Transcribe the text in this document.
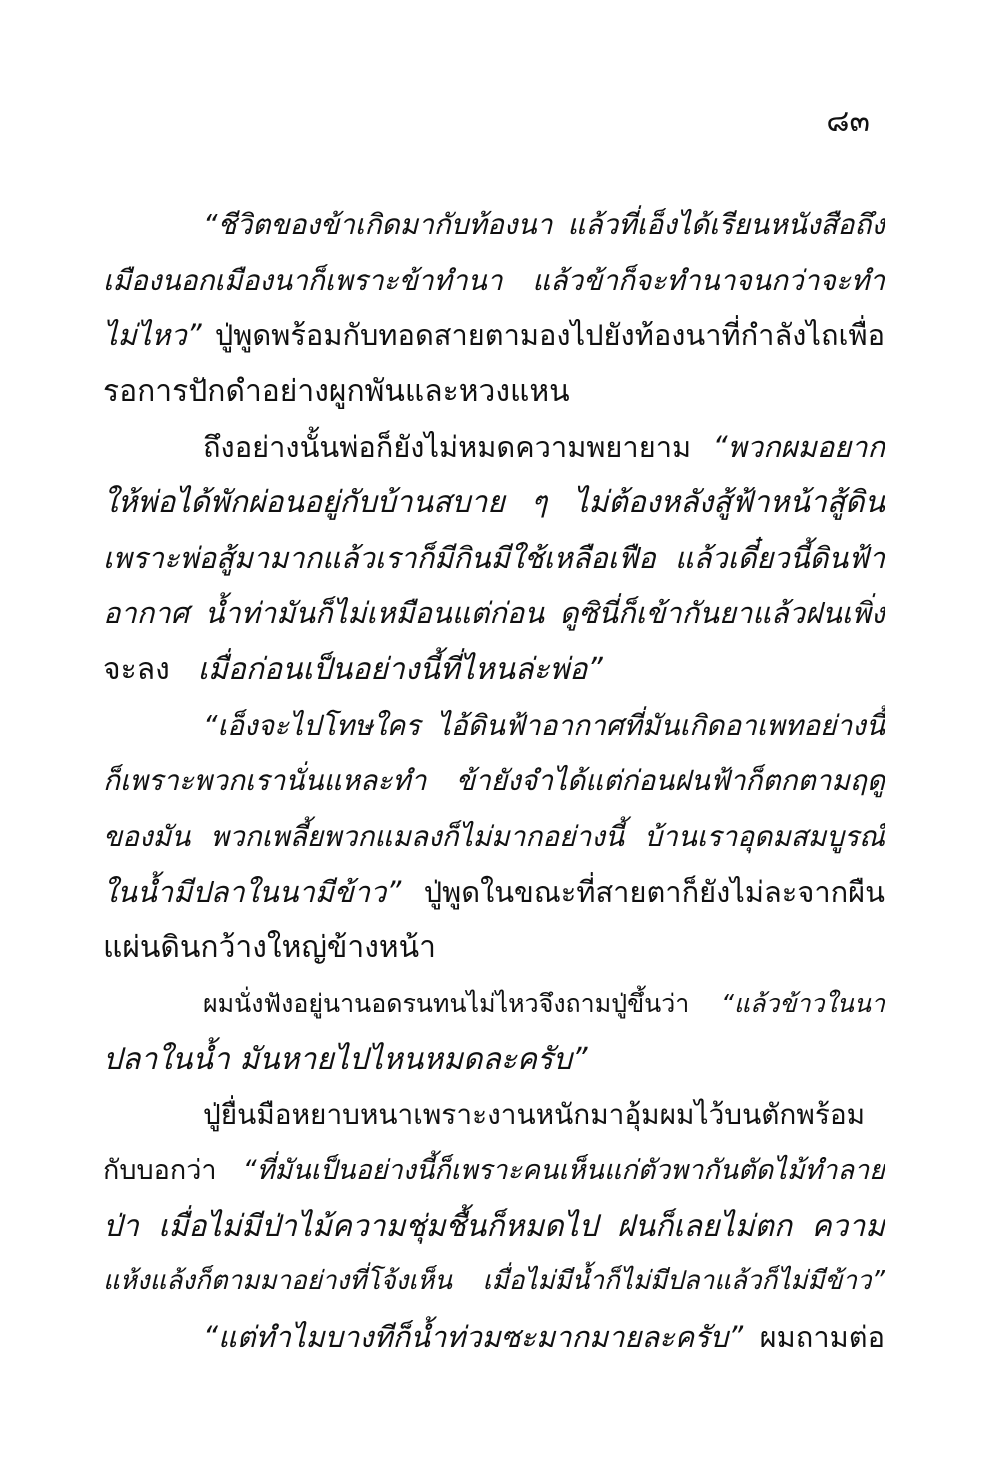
๘๓
“ชีวิตของข้าเกิดมากับท้องนา แล้วที่เอ็งได้เรียนหนังสือถึง
เมืองนอกเมืองนาก็เพราะข้าทำนา แล้วข้าก็จะทำนาจนกว่าจะทำ
ไม่ไหว” ปู่พูดพร้อมกับทอดสายตามองไปยังท้องนาที่กำลังไถเพื่อ
รอการปักดำอย่างผูกพันและหวงแหน
ถึงอย่างนั้นพ่อก็ยังไม่หมดความพยายาม “พวกผมอยาก
ให้พ่อได้พักผ่อนอยู่กับบ้านสบาย ๆ ไม่ต้องหลังสู้ฟ้าหน้าสู้ดิน
เพราะพ่อสู้มามากแล้วเราก็มีกินมีใช้เหลือเฟือ แล้วเดี๋ยวนี้ดินฟ้า
อากาศ น้ำท่ามันก็ไม่เหมือนแต่ก่อน ดูซินี่ก็เข้ากันยาแล้วฝนเพิ่ง
จะลง เมื่อก่อนเป็นอย่างนี้ที่ไหนล่ะพ่อ”
“เอ็งจะไปโทษใคร ไอ้ดินฟ้าอากาศที่มันเกิดอาเพทอย่างนี้
ก็เพราะพวกเรานั่นแหละทำ ข้ายังจำได้แต่ก่อนฝนฟ้าก็ตกตามฤดู
ของมัน พวกเพลี้ยพวกแมลงก็ไม่มากอย่างนี้ บ้านเราอุดมสมบูรณ์
ในน้ำมีปลาในนามีข้าว” ปู่พูดในขณะที่สายตาก็ยังไม่ละจากผืน
แผ่นดินกว้างใหญ่ข้างหน้า
ผมนั่งฟังอยู่นานอดรนทนไม่ไหวจึงถามปู่ขึ้นว่า “แล้วข้าวในนา
ปลาในน้ำ มันหายไปไหนหมดละครับ”
ปู่ยื่นมือหยาบหนาเพราะงานหนักมาอุ้มผมไว้บนตักพร้อม
กับบอกว่า “ที่มันเป็นอย่างนี้ก็เพราะคนเห็นแก่ตัวพากันตัดไม้ทำลาย
ป่า เมื่อไม่มีป่าไม้ความชุ่มชื้นก็หมดไป ฝนก็เลยไม่ตก ความ
แห้งแล้งก็ตามมาอย่างที่โจ้งเห็น เมื่อไม่มีน้ำก็ไม่มีปลาแล้วก็ไม่มีข้าว”
“แต่ทำไมบางทีก็น้ำท่วมซะมากมายละครับ” ผมถามต่อ
